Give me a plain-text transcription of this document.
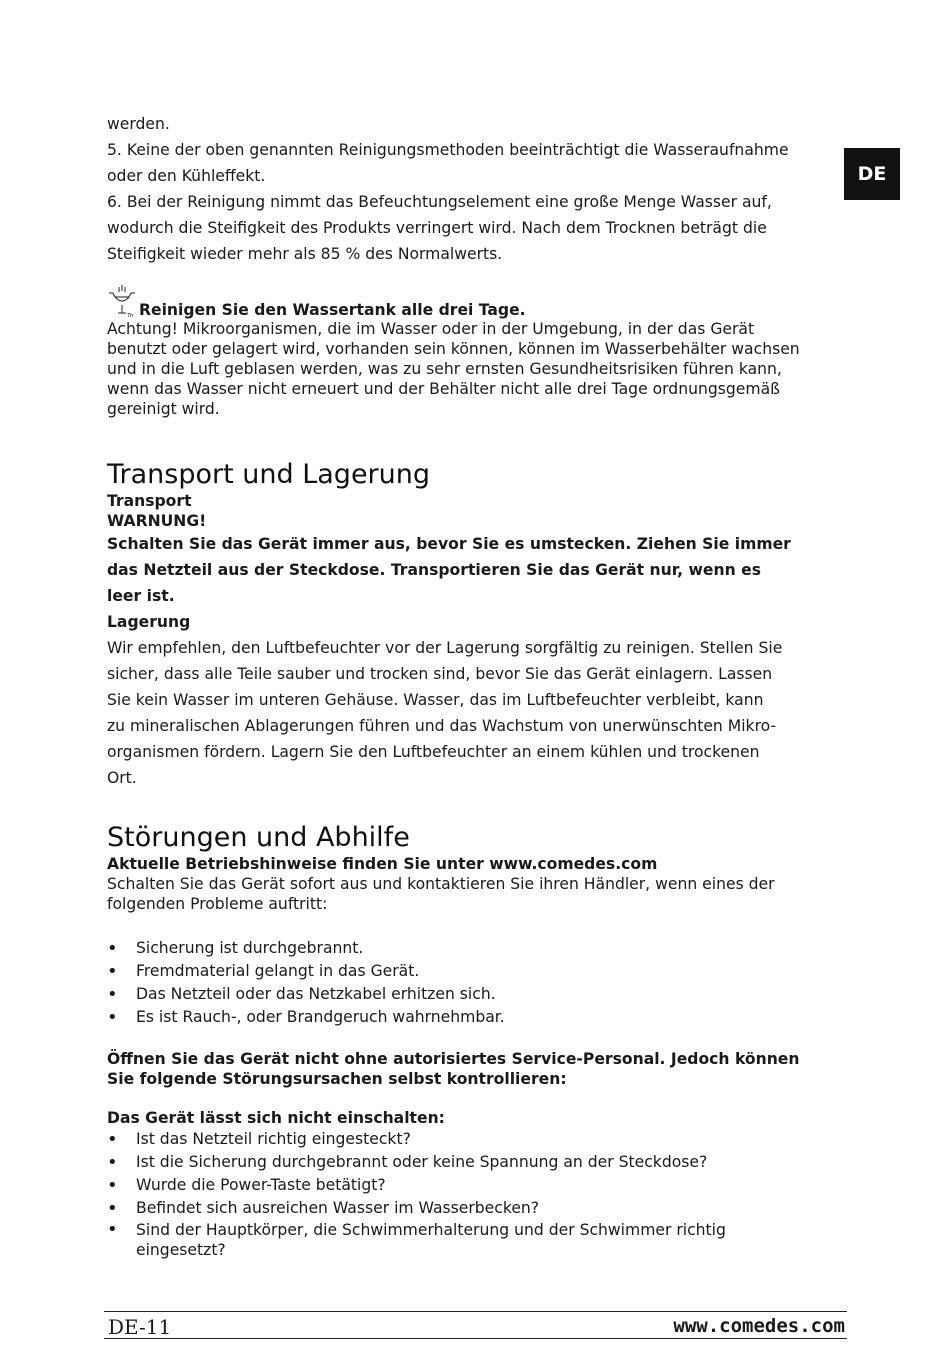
DE

werden.

5. Keine der oben genannten Reinigungsmethoden beeinträchtigt die Wasseraufnahme

oder den Kühleffekt.

6. Bei der Reinigung nimmt das Befeuchtungselement eine große Menge Wasser auf,

wodurch die Steifigkeit des Produkts verringert wird. Nach dem Trocknen beträgt die

Steifigkeit wieder mehr als 85 % des Normalwerts.

7h Reinigen Sie den Wassertank alle drei Tage.

Achtung! Mikroorganismen, die im Wasser oder in der Umgebung, in der das Gerät

benutzt oder gelagert wird, vorhanden sein können, können im Wasserbehälter wachsen

und in die Luft geblasen werden, was zu sehr ernsten Gesundheitsrisiken führen kann,

wenn das Wasser nicht erneuert und der Behälter nicht alle drei Tage ordnungsgemäß

gereinigt wird.

Transport und Lagerung

Transport

WARNUNG!

Schalten Sie das Gerät immer aus, bevor Sie es umstecken. Ziehen Sie immer

das Netzteil aus der Steckdose. Transportieren Sie das Gerät nur, wenn es

leer ist.

Lagerung

Wir empfehlen, den Luftbefeuchter vor der Lagerung sorgfältig zu reinigen. Stellen Sie

sicher, dass alle Teile sauber und trocken sind, bevor Sie das Gerät einlagern. Lassen

Sie kein Wasser im unteren Gehäuse. Wasser, das im Luftbefeuchter verbleibt, kann

zu mineralischen Ablagerungen führen und das Wachstum von unerwünschten Mikro-

organismen fördern. Lagern Sie den Luftbefeuchter an einem kühlen und trockenen

Ort.

Störungen und Abhilfe

Aktuelle Betriebshinweise finden Sie unter www.comedes.com

Schalten Sie das Gerät sofort aus und kontaktieren Sie ihren Händler, wenn eines der

folgenden Probleme auftritt:

• Sicherung ist durchgebrannt.
• Fremdmaterial gelangt in das Gerät.
• Das Netzteil oder das Netzkabel erhitzen sich.
• Es ist Rauch-, oder Brandgeruch wahrnehmbar.

Öffnen Sie das Gerät nicht ohne autorisiertes Service-Personal. Jedoch können

Sie folgende Störungsursachen selbst kontrollieren:

Das Gerät lässt sich nicht einschalten:

• Ist das Netzteil richtig eingesteckt?
• Ist die Sicherung durchgebrannt oder keine Spannung an der Steckdose?
• Wurde die Power-Taste betätigt?
• Befindet sich ausreichen Wasser im Wasserbecken?
• Sind der Hauptkörper, die Schwimmerhalterung und der Schwimmer richtig
eingesetzt?
DE-11	www.comedes.com
